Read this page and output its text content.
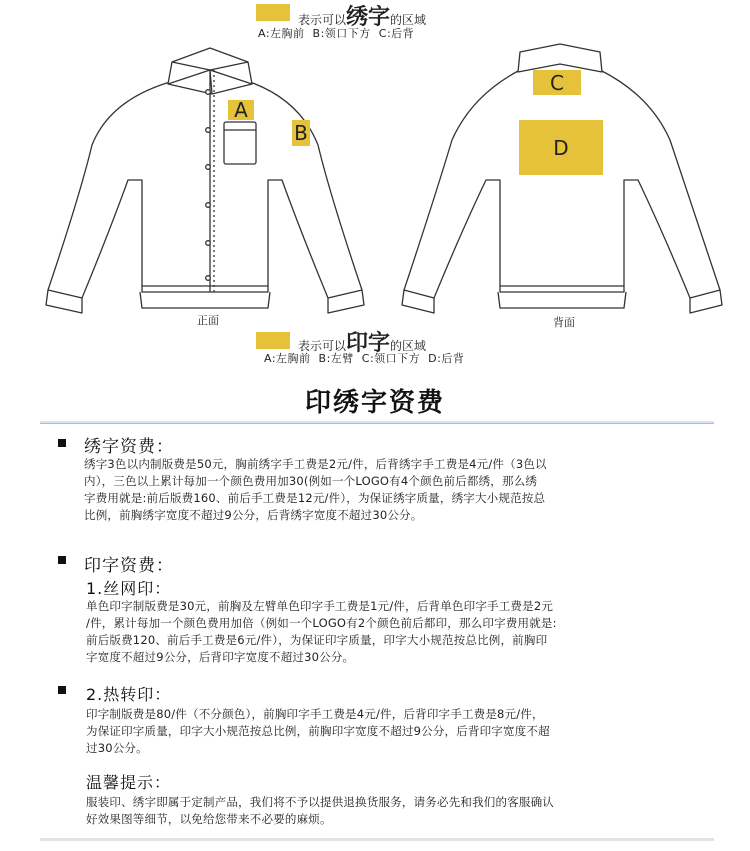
表示可以绣字的区域
A:左胸前  B:领口下方  C:后背
A
B
C
D
正面	背面
表示可以印字的区域
A:左胸前  B:左臂  C:领口下方  D:后背
印绣字资费
绣字资费：
绣字3色以内制版费是50元，胸前绣字手工费是2元/件，后背绣字手工费是4元/件（3色以
内），三色以上累计每加一个颜色费用加30(例如一个LOGO有4个颜色前后都绣，那么绣
字费用就是:前后版费160、前后手工费是12元/件），为保证绣字质量，绣字大小规范按总
比例，前胸绣字宽度不超过9公分，后背绣字宽度不超过30公分。
印字资费：
1.丝网印：
单色印字制版费是30元，前胸及左臂单色印字手工费是1元/件，后背单色印字手工费是2元
/件，累计每加一个颜色费用加倍（例如一个LOGO有2个颜色前后都印，那么印字费用就是:
前后版费120、前后手工费是6元/件），为保证印字质量，印字大小规范按总比例，前胸印
字宽度不超过9公分，后背印字宽度不超过30公分。
2.热转印：
印字制版费是80/件（不分颜色），前胸印字手工费是4元/件，后背印字手工费是8元/件，
为保证印字质量，印字大小规范按总比例，前胸印字宽度不超过9公分，后背印字宽度不超
过30公分。
温馨提示：
服装印、绣字即属于定制产品，我们将不予以提供退换货服务，请务必先和我们的客服确认
好效果图等细节，以免给您带来不必要的麻烦。
